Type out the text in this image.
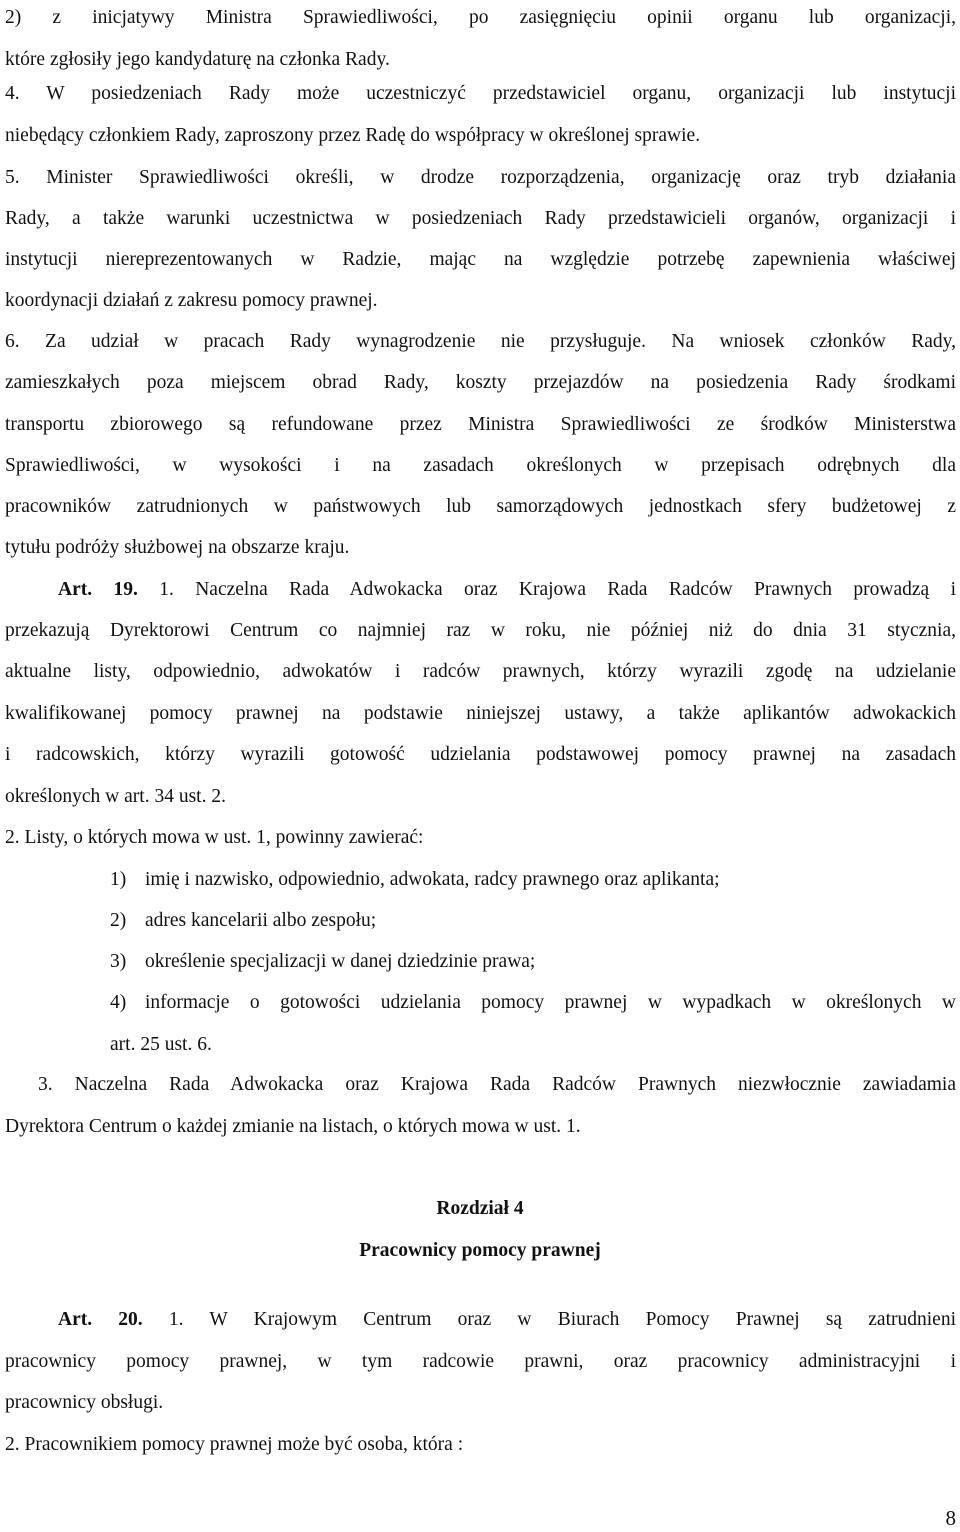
2) z inicjatywy Ministra Sprawiedliwości, po zasięgnięciu opinii organu lub organizacji,
które zgłosiły jego kandydaturę na członka Rady.
4. W posiedzeniach Rady może uczestniczyć przedstawiciel organu, organizacji lub instytucji
niebędący członkiem Rady, zaproszony przez Radę do współpracy w określonej sprawie.
5. Minister Sprawiedliwości określi, w drodze rozporządzenia, organizację oraz tryb działania
Rady, a także warunki uczestnictwa w posiedzeniach Rady przedstawicieli organów, organizacji i
instytucji niereprezentowanych w Radzie, mając na względzie potrzebę zapewnienia właściwej
koordynacji działań z zakresu pomocy prawnej.
6. Za udział w pracach Rady wynagrodzenie nie przysługuje. Na wniosek członków Rady,
zamieszkałych poza miejscem obrad Rady, koszty przejazdów na posiedzenia Rady środkami
transportu zbiorowego są refundowane przez Ministra Sprawiedliwości ze środków Ministerstwa
Sprawiedliwości, w wysokości i na zasadach określonych w przepisach odrębnych dla
pracowników zatrudnionych w państwowych lub samorządowych jednostkach sfery budżetowej z
tytułu podróży służbowej na obszarze kraju.
Art. 19. 1. Naczelna Rada Adwokacka oraz Krajowa Rada Radców Prawnych prowadzą i
przekazują Dyrektorowi Centrum co najmniej raz w roku, nie później niż do dnia 31 stycznia,
aktualne listy, odpowiednio, adwokatów i radców prawnych, którzy wyrazili zgodę na udzielanie
kwalifikowanej pomocy prawnej na podstawie niniejszej ustawy, a także aplikantów adwokackich
i radcowskich, którzy wyrazili gotowość udzielania podstawowej pomocy prawnej na zasadach
określonych w art. 34 ust. 2.
2. Listy, o których mowa w ust. 1, powinny zawierać:
1) imię i nazwisko, odpowiednio, adwokata, radcy prawnego oraz aplikanta;
2) adres kancelarii albo zespołu;
3) określenie specjalizacji w danej dziedzinie prawa;
4) informacje o gotowości udzielania pomocy prawnej w wypadkach w określonych w
art. 25 ust. 6.
3. Naczelna Rada Adwokacka oraz Krajowa Rada Radców Prawnych niezwłocznie zawiadamia
Dyrektora Centrum o każdej zmianie na listach, o których mowa w ust. 1.
Rozdział 4
Pracownicy pomocy prawnej
Art. 20. 1. W Krajowym Centrum oraz w Biurach Pomocy Prawnej są zatrudnieni
pracownicy pomocy prawnej, w tym radcowie prawni, oraz pracownicy administracyjni i
pracownicy obsługi.
2. Pracownikiem pomocy prawnej może być osoba, która :
8
